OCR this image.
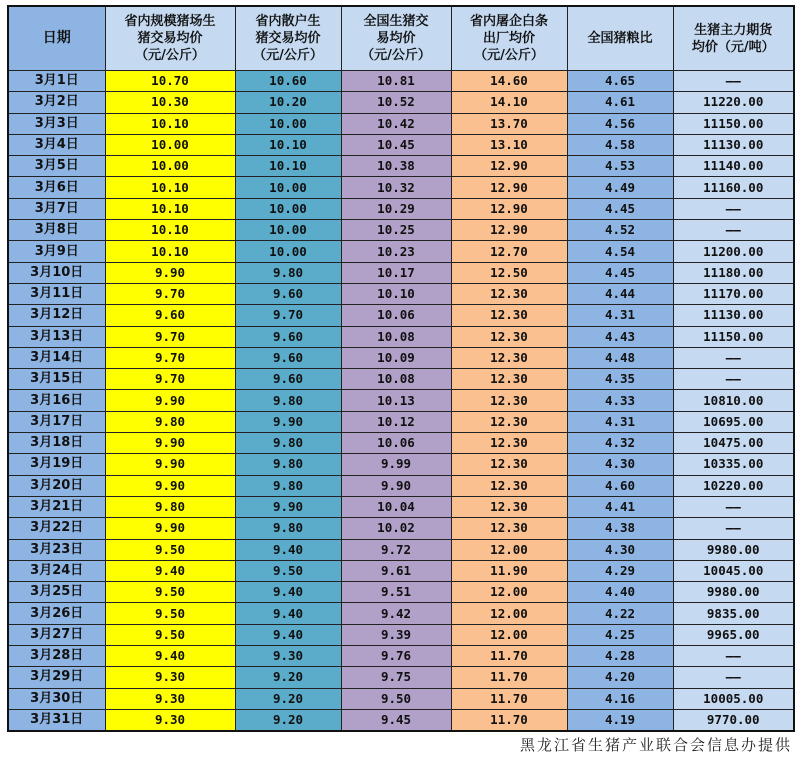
日期

省内规模猪场生
猪交易均价
（元/公斤）

省内散户生
猪交易均价
（元/公斤）

全国生猪交
易均价
（元/公斤）

省内屠企白条
出厂均价
（元/公斤）

全国猪粮比

生猪主力期货
均价（元/吨）

3月1日	10.70	10.60	10.81	14.60	4.65	——
3月2日	10.30	10.20	10.52	14.10	4.61	11220.00
3月3日	10.10	10.00	10.42	13.70	4.56	11150.00
3月4日	10.00	10.10	10.45	13.10	4.58	11130.00
3月5日	10.00	10.10	10.38	12.90	4.53	11140.00
3月6日	10.10	10.00	10.32	12.90	4.49	11160.00
3月7日	10.10	10.00	10.29	12.90	4.45	——
3月8日	10.10	10.00	10.25	12.90	4.52	——
3月9日	10.10	10.00	10.23	12.70	4.54	11200.00
3月10日	9.90	9.80	10.17	12.50	4.45	11180.00
3月11日	9.70	9.60	10.10	12.30	4.44	11170.00
3月12日	9.60	9.70	10.06	12.30	4.31	11130.00
3月13日	9.70	9.60	10.08	12.30	4.43	11150.00
3月14日	9.70	9.60	10.09	12.30	4.48	——
3月15日	9.70	9.60	10.08	12.30	4.35	——
3月16日	9.90	9.80	10.13	12.30	4.33	10810.00
3月17日	9.80	9.90	10.12	12.30	4.31	10695.00
3月18日	9.90	9.80	10.06	12.30	4.32	10475.00
3月19日	9.90	9.80	9.99	12.30	4.30	10335.00
3月20日	9.90	9.80	9.90	12.30	4.60	10220.00
3月21日	9.80	9.90	10.04	12.30	4.41	——
3月22日	9.90	9.80	10.02	12.30	4.38	——
3月23日	9.50	9.40	9.72	12.00	4.30	9980.00
3月24日	9.40	9.50	9.61	11.90	4.29	10045.00
3月25日	9.50	9.40	9.51	12.00	4.40	9980.00
3月26日	9.50	9.40	9.42	12.00	4.22	9835.00
3月27日	9.50	9.40	9.39	12.00	4.25	9965.00
3月28日	9.40	9.30	9.76	11.70	4.28	——
3月29日	9.30	9.20	9.75	11.70	4.20	——
3月30日	9.30	9.20	9.50	11.70	4.16	10005.00
3月31日	9.30	9.20	9.45	11.70	4.19	9770.00
黑龙江省生猪产业联合会信息办提供
